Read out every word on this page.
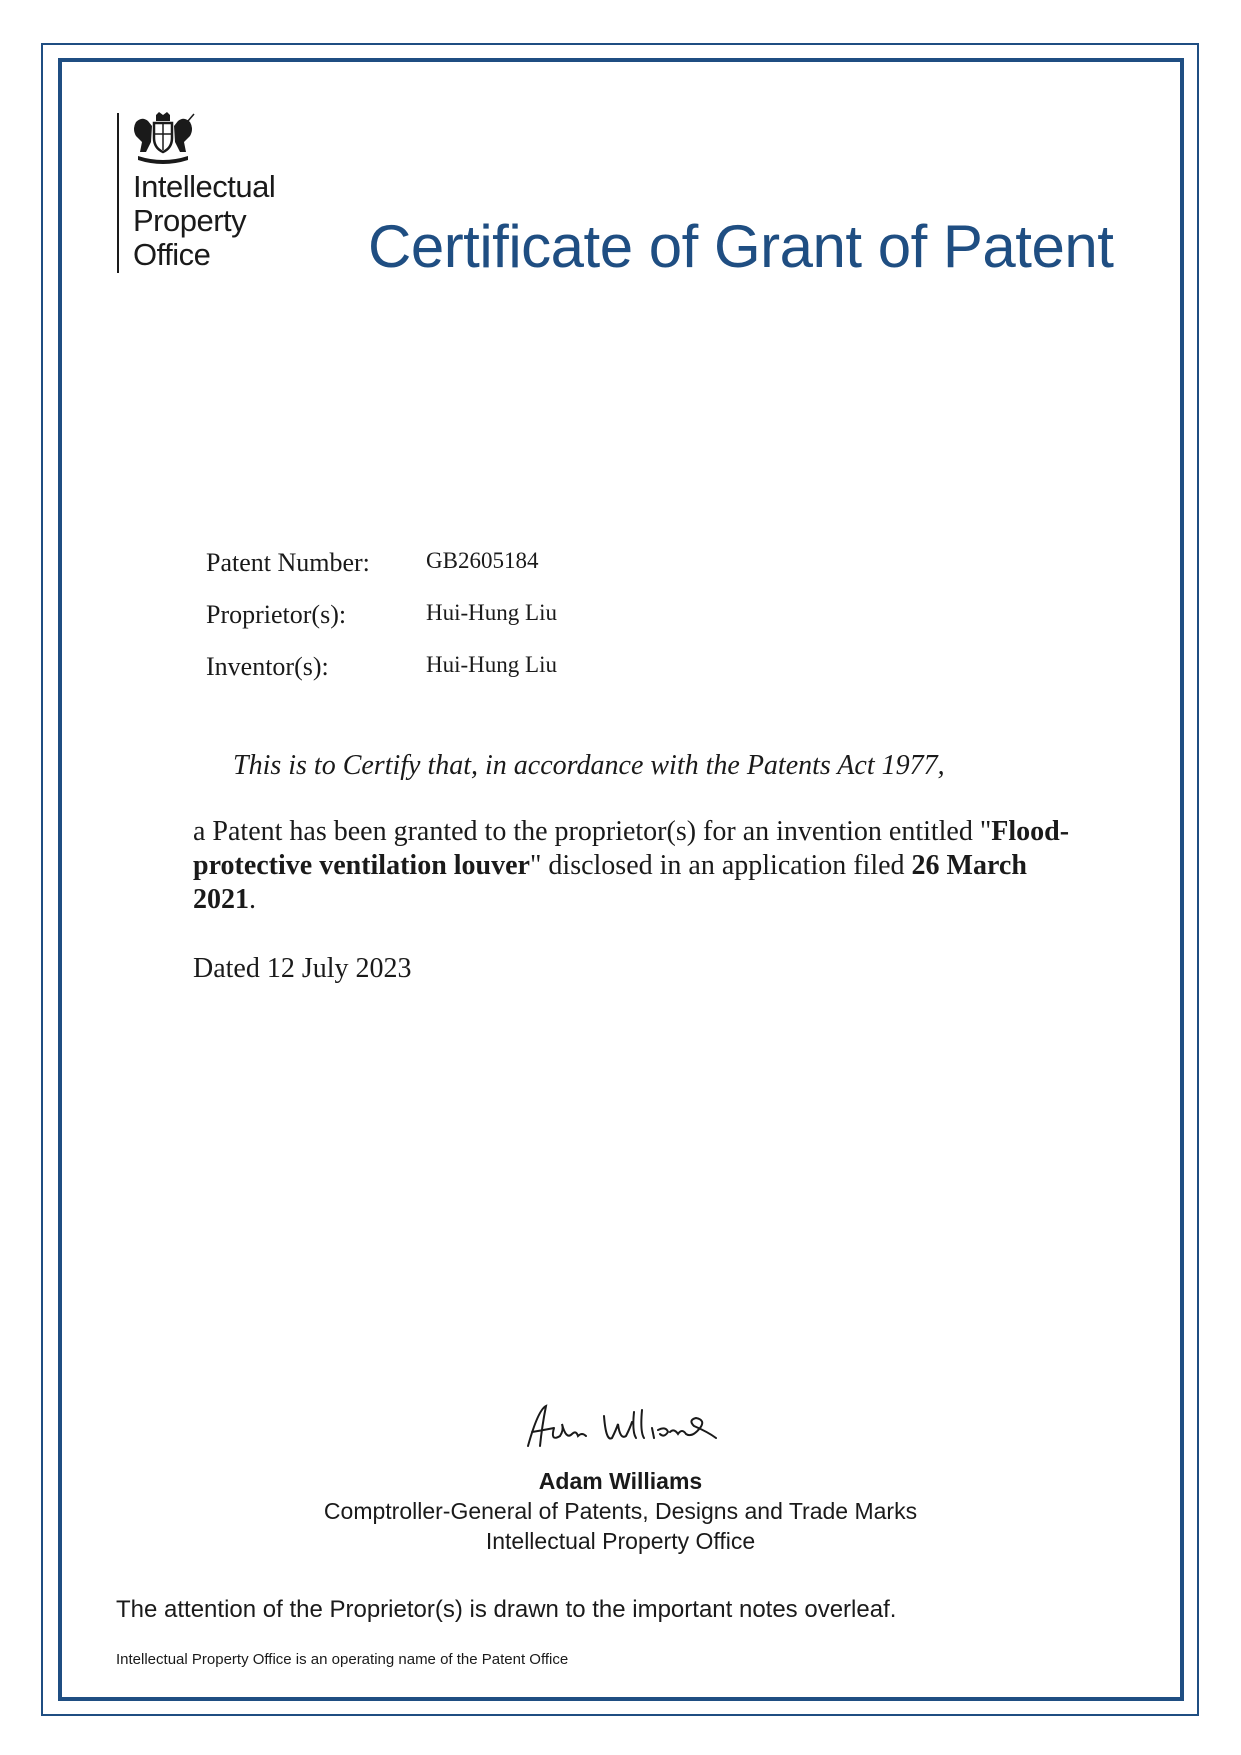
Intellectual
Property
Office	Certificate of Grant of Patent
Patent Number: GB2605184
Proprietor(s):	Hui-Hung Liu
Inventor(s):	Hui-Hung Liu
This is to Certify that, in accordance with the Patents Act 1977,
a Patent has been granted to the proprietor(s) for an invention entitled "Flood-protective ventilation louver" disclosed in an application filed 26 March 2021.
Dated 12 July 2023
Adam Williams
Comptroller-General of Patents, Designs and Trade Marks
Intellectual Property Office
The attention of the Proprietor(s) is drawn to the important notes overleaf.
Intellectual Property Office is an operating name of the Patent Office
